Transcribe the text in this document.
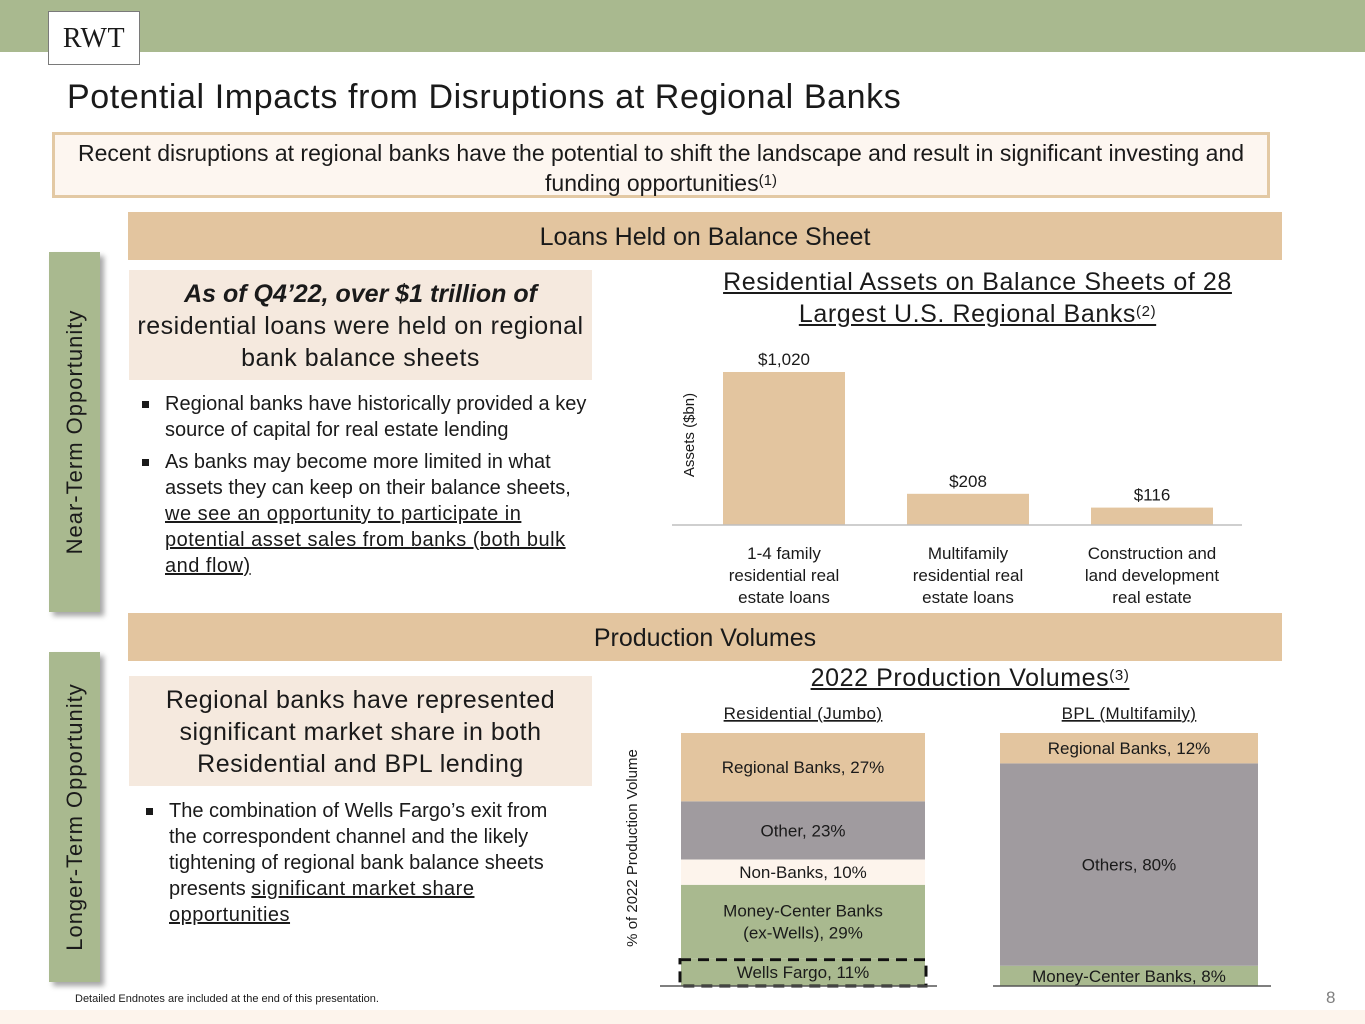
RWT
Potential Impacts from Disruptions at Regional Banks
Recent disruptions at regional banks have the potential to shift the landscape and result in significant investing and funding opportunities$^{(1)}$
Loans Held on Balance Sheet
Near-Term Opportunity
As of Q4’22, over $1 trillion of
residential loans were held on regional bank balance sheets
Regional banks have historically provided a key source of capital for real estate lending
As banks may become more limited in what assets they can keep on their balance sheets, we see an opportunity to participate in potential asset sales from banks (both bulk and flow)
Residential Assets on Balance Sheets of 28 Largest U.S. Regional Banks$^{(2)}$
Assets ($bn)
$1,020
1-4 family residential real estate loans
$208
Multifamily residential real estate loans
$116
Construction and land development real estate
Production Volumes
Longer-Term Opportunity	Regional banks have represented significant market share in both Residential and BPL lending
The combination of Wells Fargo’s exit from the correspondent channel and the likely tightening of regional bank balance sheets presents significant market share opportunities
2022 Production Volumes$^{(3)}$
% of 2022 Production Volume
Residential (Jumbo)
Wells Fargo, 11%
Money-Center Banks (ex-Wells), 29%
Non-Banks, 10%
Other, 23%
Regional Banks, 27%
BPL (Multifamily)
Money-Center Banks, 8%
Others, 80%
Regional Banks, 12%
Detailed Endnotes are included at the end of this presentation.	8
